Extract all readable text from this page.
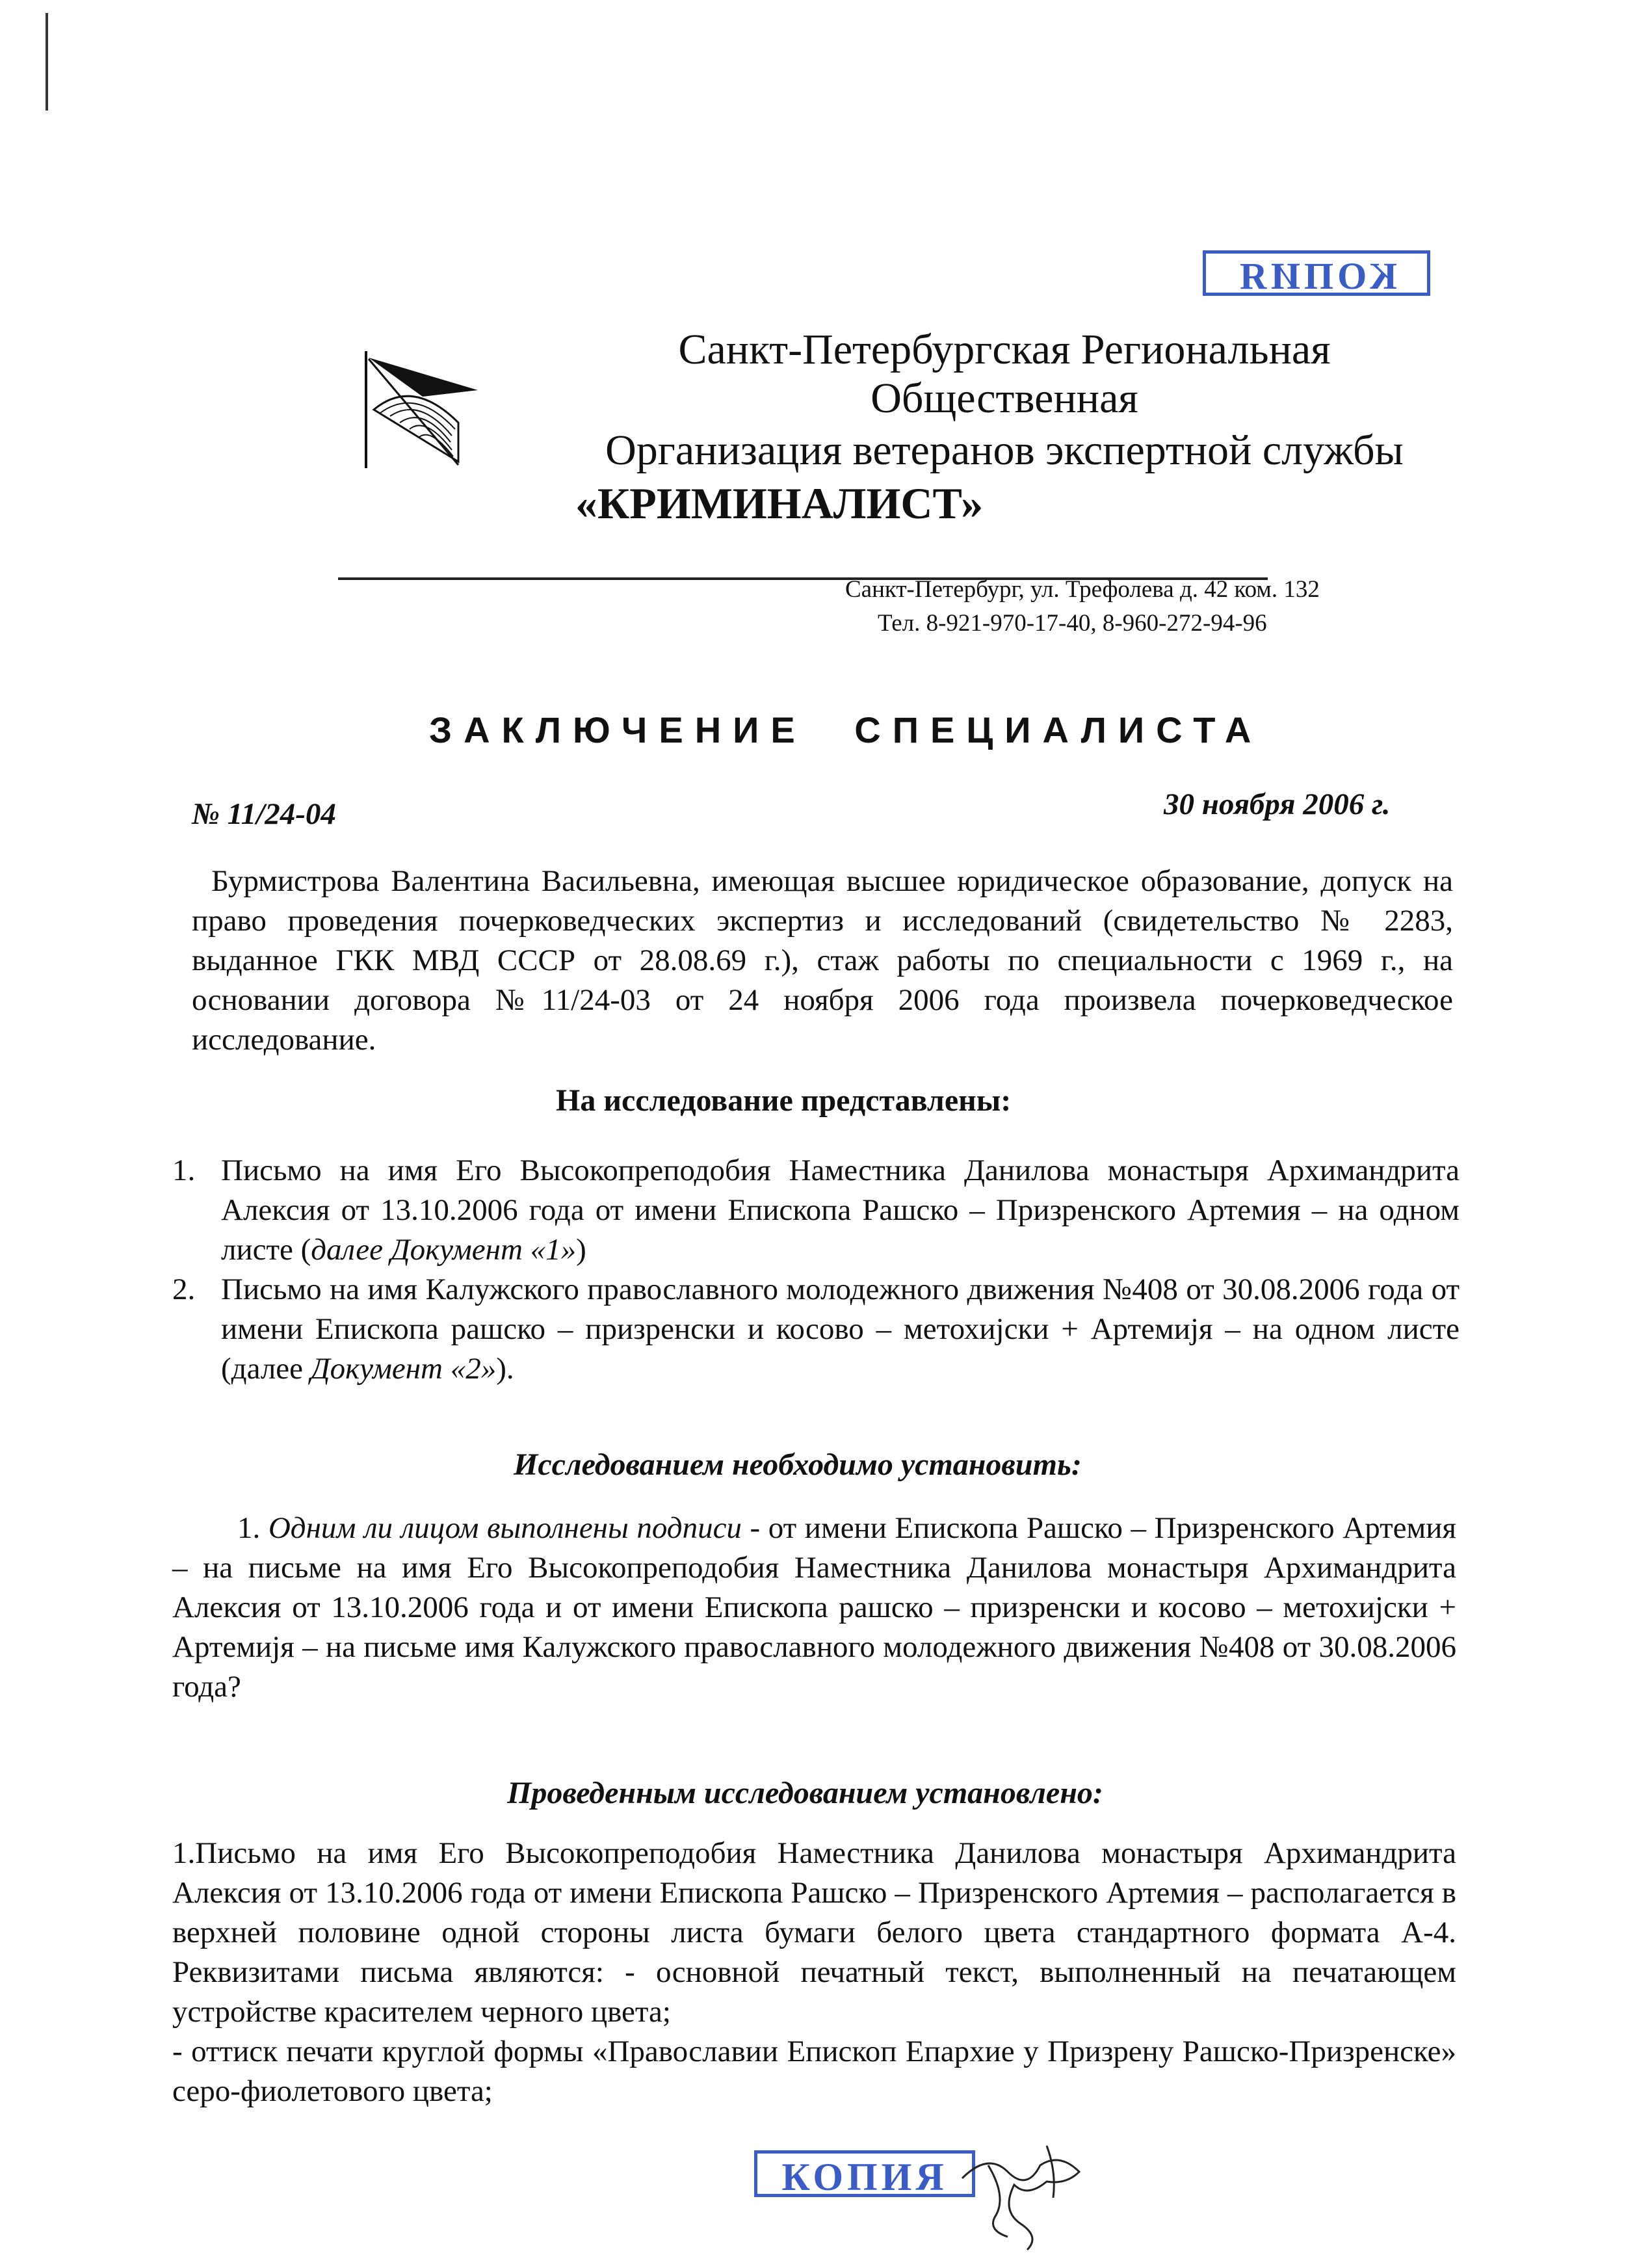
КОПИЯ
Санкт-Петербургская Региональная
Общественная
Организация ветеранов экспертной службы
«КРИМИНАЛИСТ»
Санкт-Петербург, ул. Трефолева д. 42 ком. 132
Тел. 8-921-970-17-40, 8-960-272-94-96
ЗАКЛЮЧЕНИЕ СПЕЦИАЛИСТА
№ 11/24-04	30 ноября 2006 г.
Бурмистрова Валентина Васильевна, имеющая высшее юридическое образование, допуск на право проведения почерковедческих экспертиз и исследований (свидетельство № 2283, выданное ГКК МВД СССР от 28.08.69 г.), стаж работы по специальности с 1969 г., на основании договора №11/24-03 от 24 ноября 2006 года произвела почерковедческое исследование.
На исследование представлены:
1. Письмо на имя Его Высокопреподобия Наместника Данилова монастыря Архимандрита Алексия от 13.10.2006 года от имени Епископа Рашско – Призренского Артемия – на одном листе (далее Документ «1»)
2. Письмо на имя Калужского православного молодежного движения №408 от 30.08.2006 года от имени Епископа рашско – призренски и косово – метохиjски + Артемиjя – на одном листе (далее Документ «2»).
Исследованием необходимо установить:
1. Одним ли лицом выполнены подписи - от имени Епископа Рашско – Призренского Артемия – на письме на имя Его Высокопреподобия Наместника Данилова монастыря Архимандрита Алексия от 13.10.2006 года и от имени Епископа рашско – призренски и косово – метохиjски + Артемиjя – на письме имя Калужского православного молодежного движения №408 от 30.08.2006 года?
Проведенным исследованием установлено:
1.Письмо на имя Его Высокопреподобия Наместника Данилова монастыря Архимандрита Алексия от 13.10.2006 года от имени Епископа Рашско – Призренского Артемия – располагается в верхней половине одной стороны листа бумаги белого цвета стандартного формата А-4. Реквизитами письма являются: - основной печатный текст, выполненный на печатающем устройстве красителем черного цвета;
- оттиск печати круглой формы «Православии Епископ Епархие у Призрену Рашско-Призренске» серо-фиолетового цвета;
КОПИЯ
